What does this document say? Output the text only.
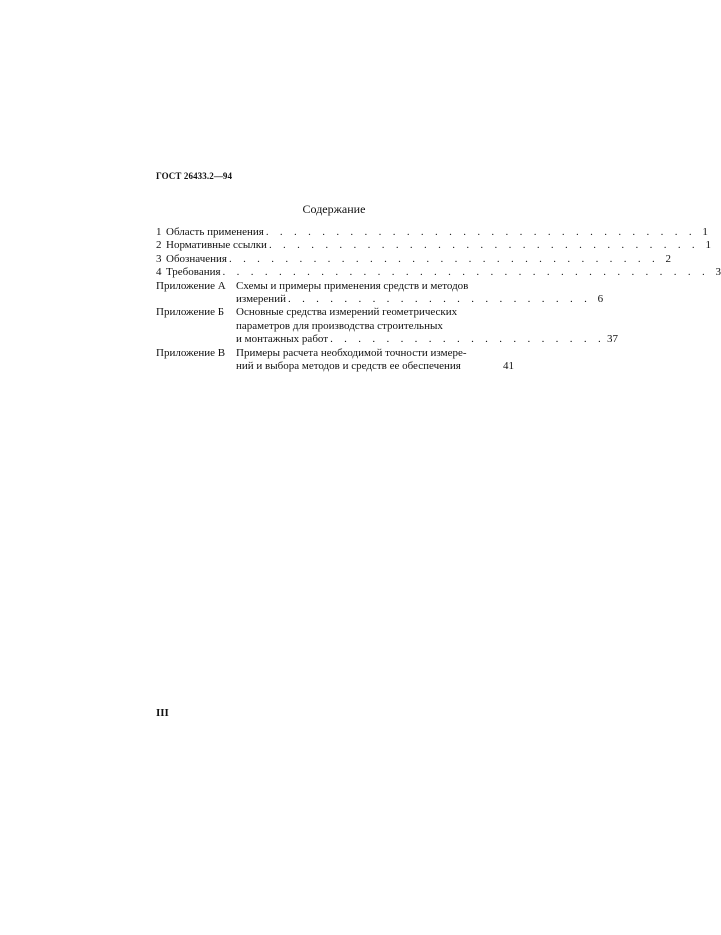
ГОСТ 26433.2—94
Содержание
1 Область применения . . . . . . . . . . . . . . . . . . . . . . . . . . . . . . . 1
2 Нормативные ссылки . . . . . . . . . . . . . . . . . . . . . . . . . . . . . . . 1
3 Обозначения . . . . . . . . . . . . . . . . . . . . . . . . . . . . . . . 2
4 Требования . . . . . . . . . . . . . . . . . . . . . . . . . . . . . . . . . . . 3
Приложение А Схемы и примеры применения средств и методов
измерений . . . . . . . . . . . . . . . . . . . . . . 6
Приложение Б	Основные средства измерений геометрических
параметров для производства строительных
и монтажных работ . . . . . . . . . . . . . . . . . . . . 37
Приложение В Примеры расчета необходимой точности измере-
ний и выбора методов и средств ее обеспечения	41
III
